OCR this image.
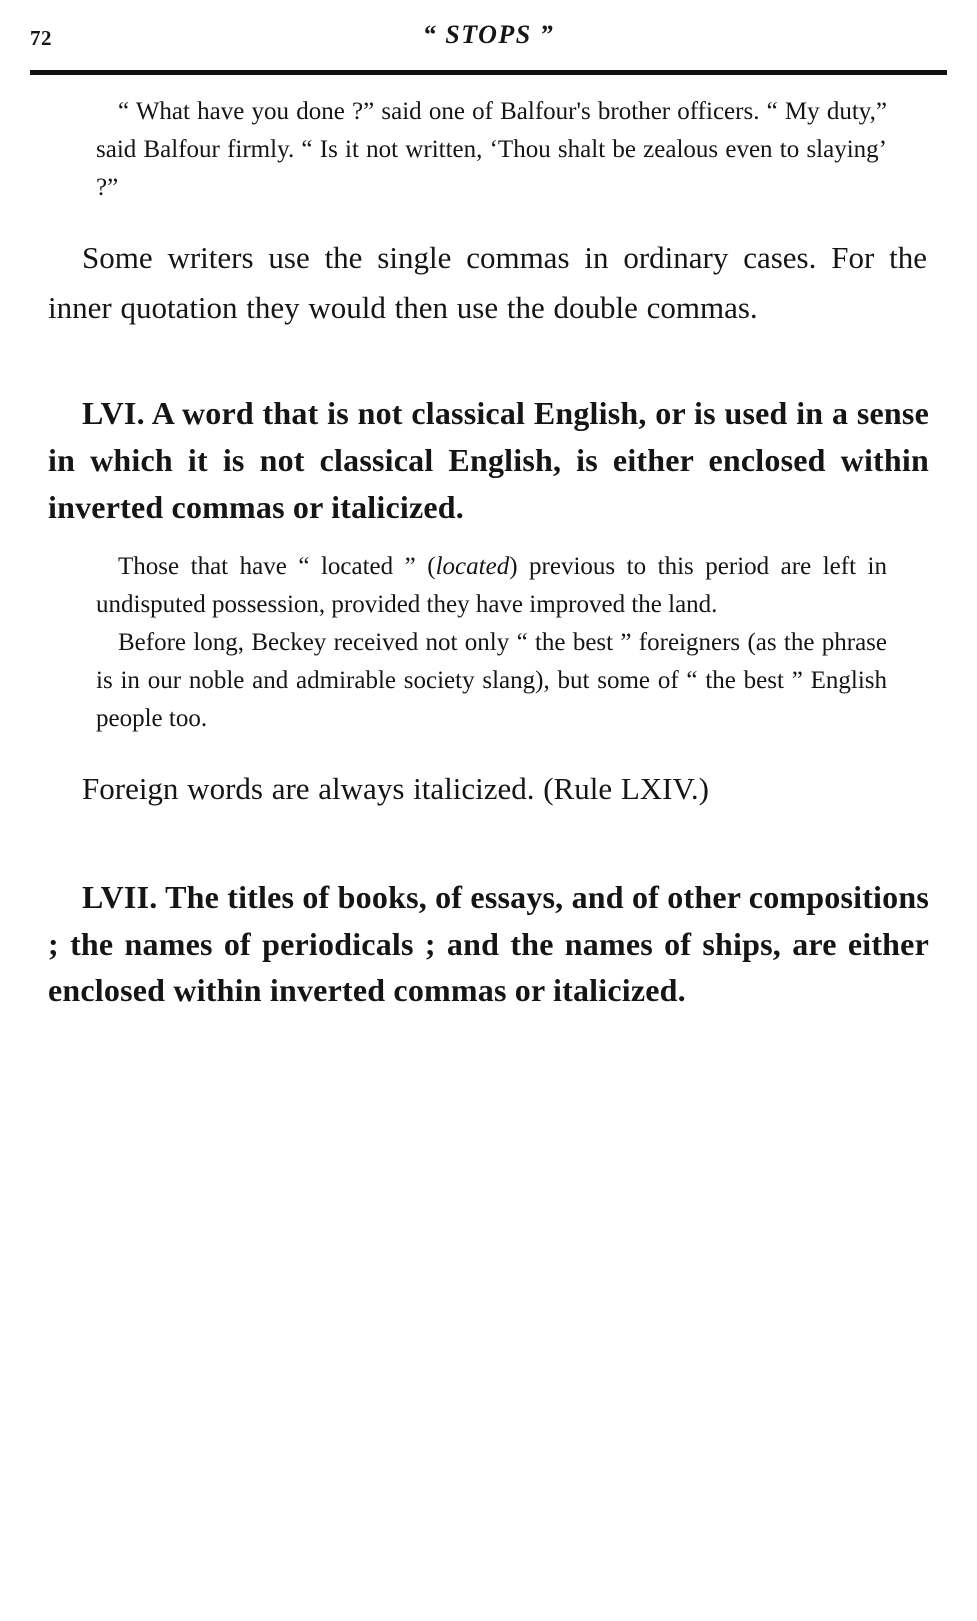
72	“ STOPS ”

“ What have you done ?” said one of Balfour's brother officers. “ My duty,” said Balfour firmly. “ Is it not written, ‘Thou shalt be zealous even to slaying’ ?”

Some writers use the single commas in ordinary cases. For the inner quotation they would then use the double commas.
LVI. A word that is not classical English, or is used in a sense in which it is not classical English, is either enclosed within inverted commas or italicized.

Those that have “ located ” (located) previous to this period are left in undisputed possession, provided they have improved the land.

Before long, Beckey received not only “ the best ” foreigners (as the phrase is in our noble and admirable society slang), but some of “ the best ” English people too.

Foreign words are always italicized. (Rule LXIV.)
LVII. The titles of books, of essays, and of other compositions ; the names of periodicals ; and the names of ships, are either enclosed within inverted commas or italicized.
